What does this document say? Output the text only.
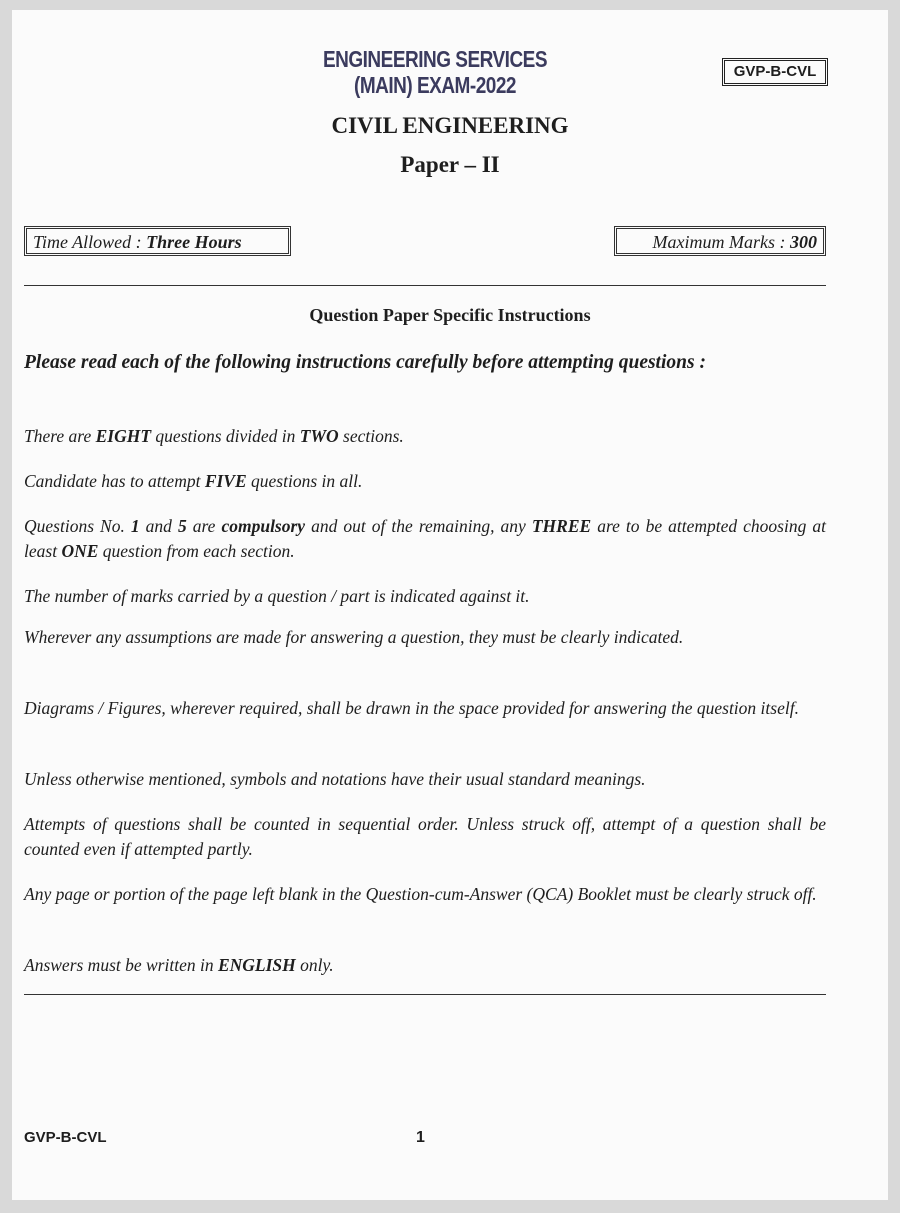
ENGINEERING SERVICES (MAIN) EXAM-2022
GVP-B-CVL
CIVIL ENGINEERING
Paper – II
Time Allowed : Three Hours	Maximum Marks : 300
Question Paper Specific Instructions
Please read each of the following instructions carefully before attempting questions :
There are EIGHT questions divided in TWO sections.
Candidate has to attempt FIVE questions in all.
Questions No. 1 and 5 are compulsory and out of the remaining, any THREE are to be attempted choosing at least ONE question from each section.
The number of marks carried by a question / part is indicated against it.
Wherever any assumptions are made for answering a question, they must be clearly indicated.
Diagrams / Figures, wherever required, shall be drawn in the space provided for answering the question itself.
Unless otherwise mentioned, symbols and notations have their usual standard meanings.
Attempts of questions shall be counted in sequential order. Unless struck off, attempt of a question shall be counted even if attempted partly.
Any page or portion of the page left blank in the Question-cum-Answer (QCA) Booklet must be clearly struck off.
Answers must be written in ENGLISH only.
GVP-B-CVL	1
